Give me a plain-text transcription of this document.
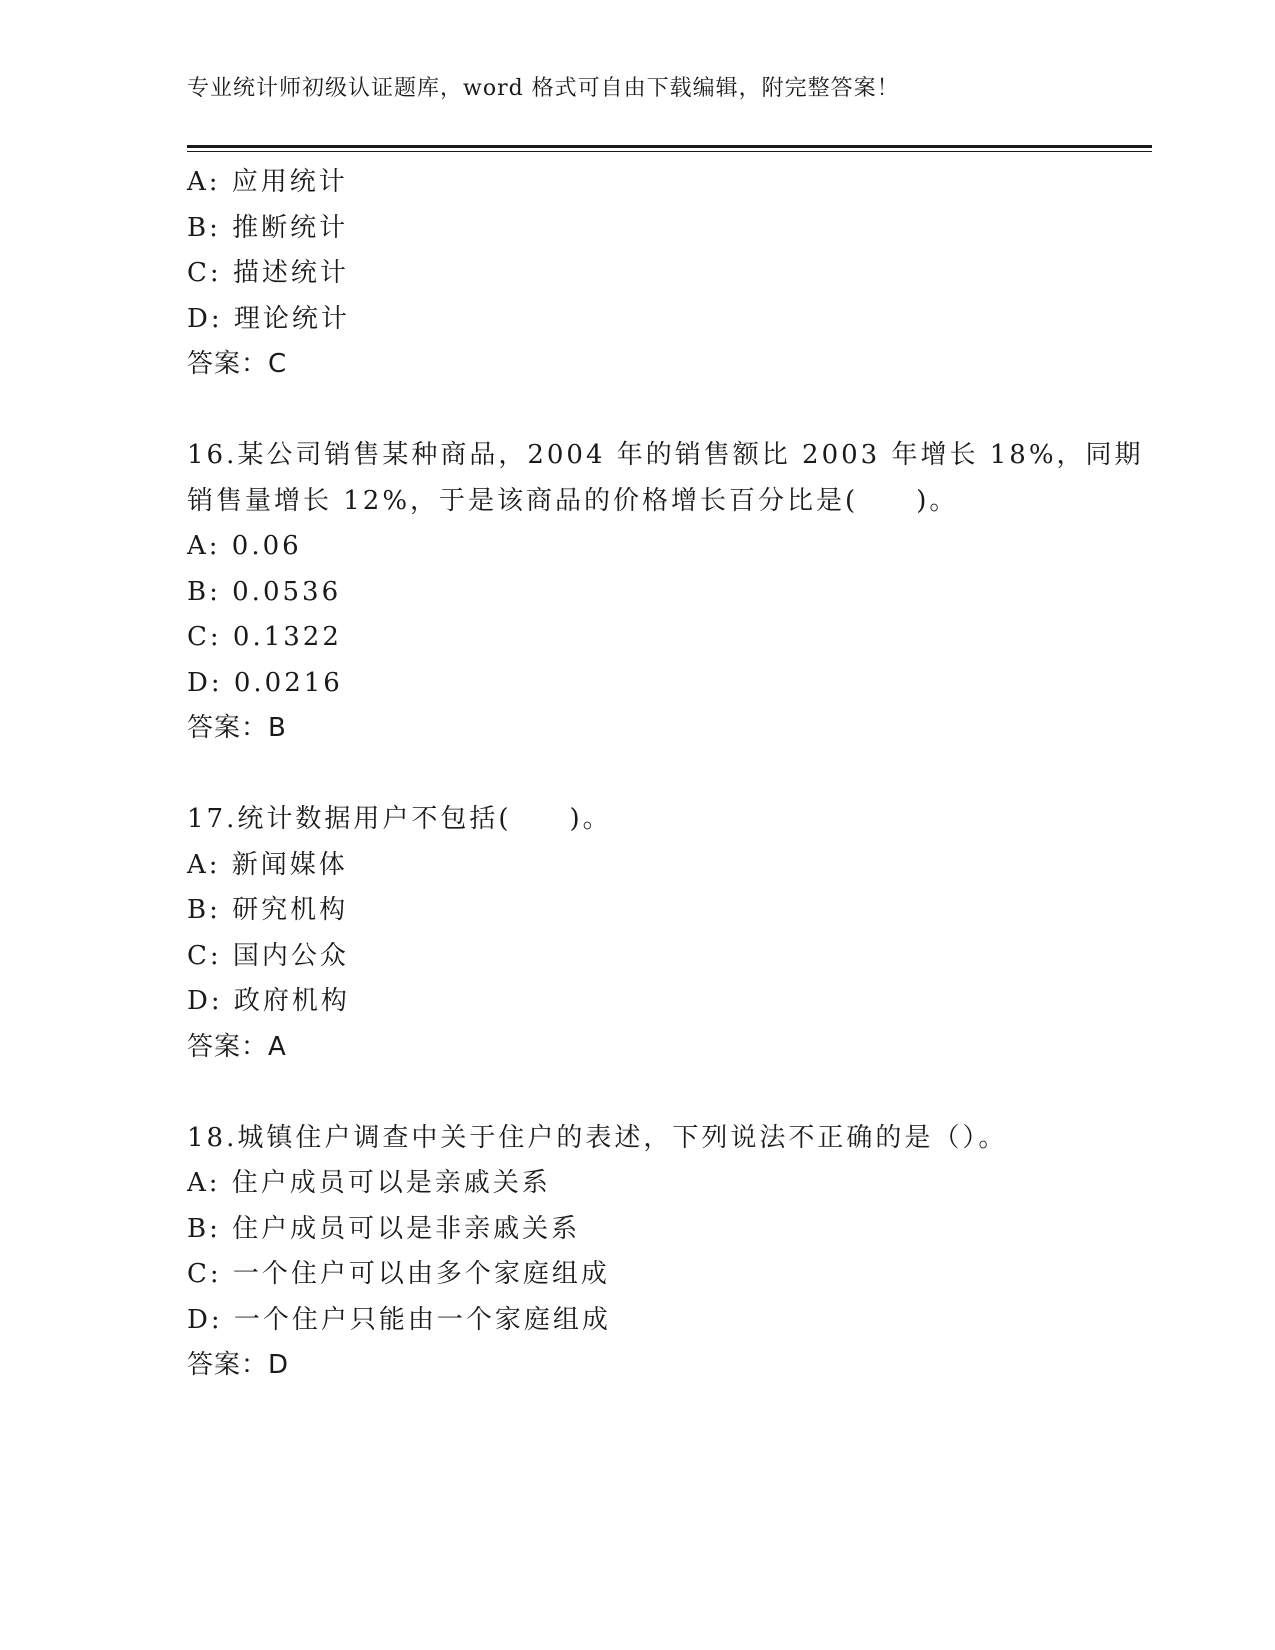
专业统计师初级认证题库，word 格式可自由下载编辑，附完整答案！
A: 应用统计
B: 推断统计
C: 描述统计
D: 理论统计
答案：C
16.某公司销售某种商品，2004 年的销售额比 2003 年增长 18%，同期
销售量增长 12%，于是该商品的价格增长百分比是(　　)。
A: 0.06
B: 0.0536
C: 0.1322
D: 0.0216
答案：B
17.统计数据用户不包括(　　)。
A: 新闻媒体
B: 研究机构
C: 国内公众
D: 政府机构
答案：A
18.城镇住户调查中关于住户的表述，下列说法不正确的是（）。
A: 住户成员可以是亲戚关系
B: 住户成员可以是非亲戚关系
C: 一个住户可以由多个家庭组成
D: 一个住户只能由一个家庭组成
答案：D
